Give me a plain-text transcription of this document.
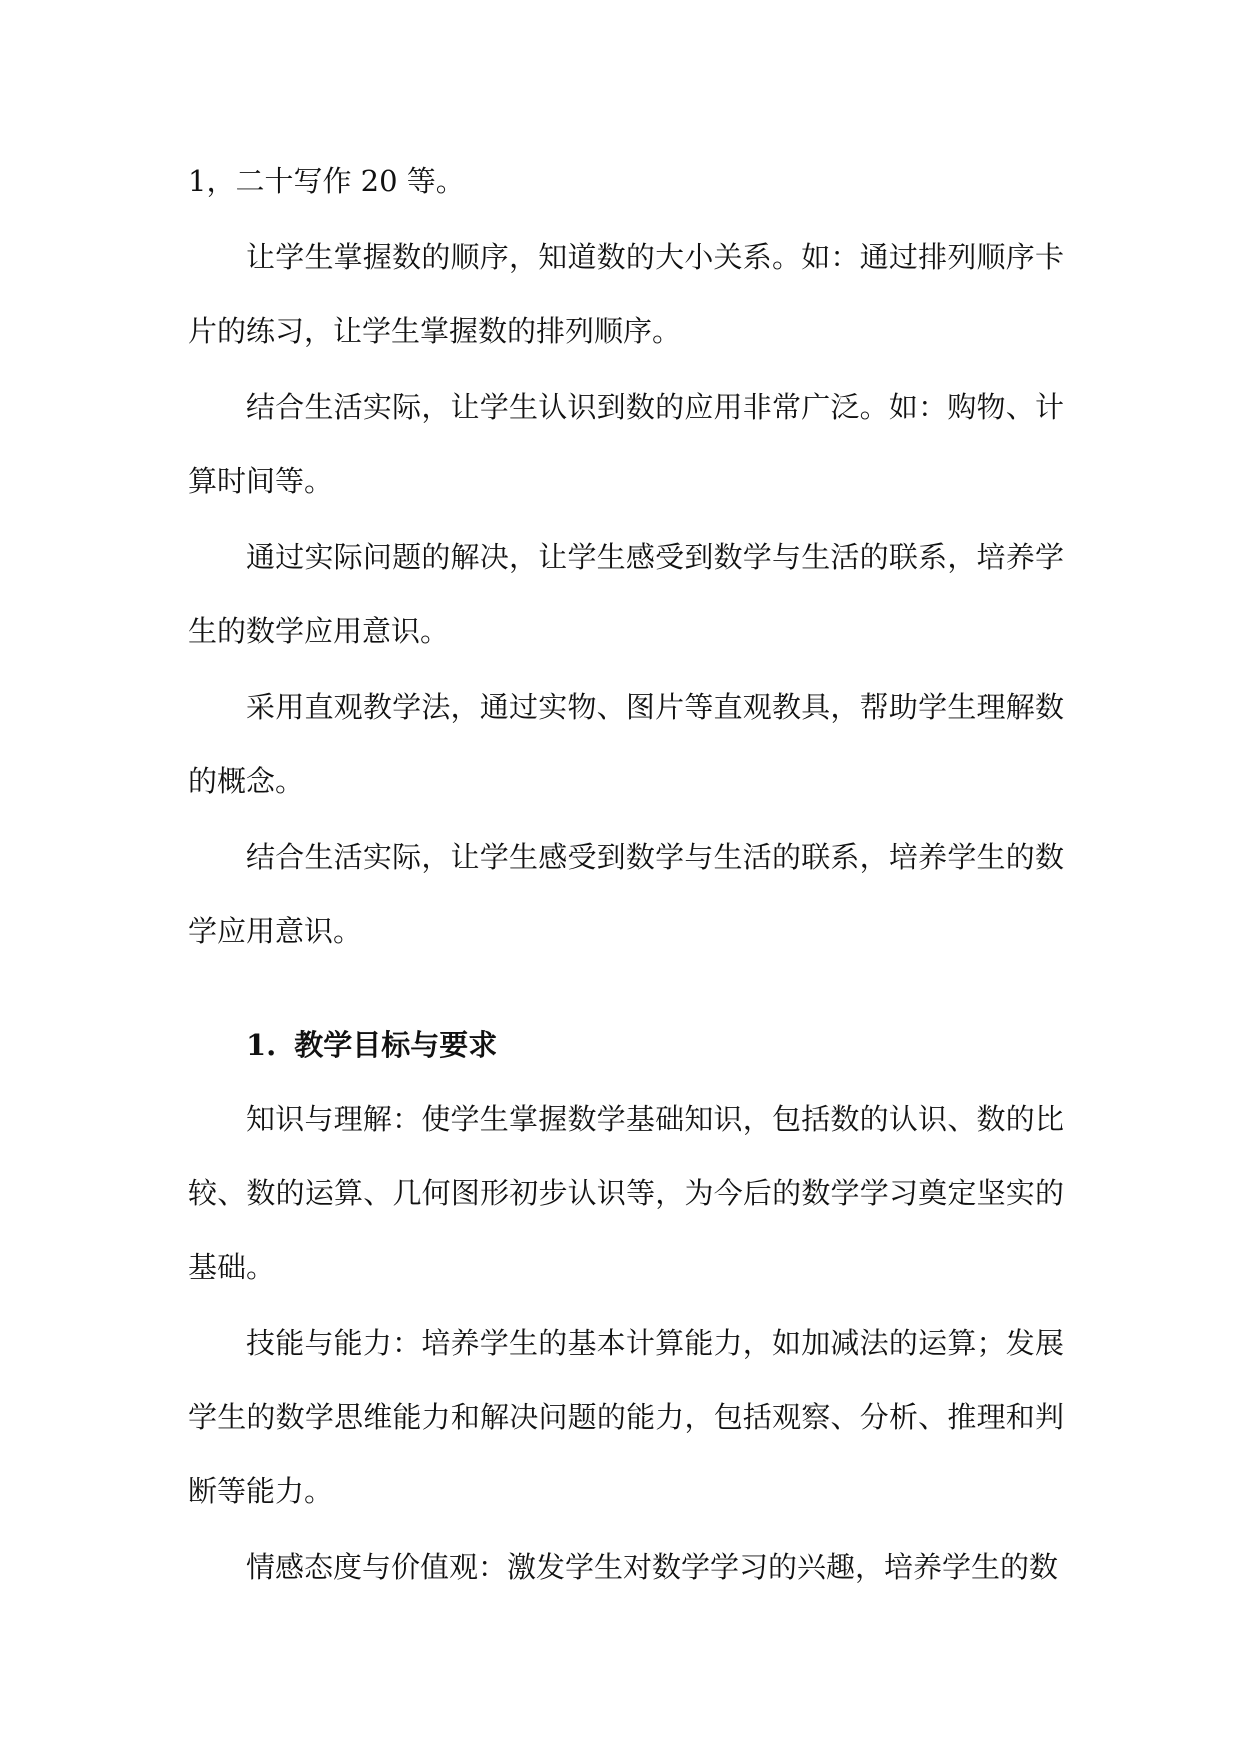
1，二十写作 20 等。

让学生掌握数的顺序，知道数的大小关系。如：通过排列顺序卡片的练习，让学生掌握数的排列顺序。

结合生活实际，让学生认识到数的应用非常广泛。如：购物、计算时间等。

通过实际问题的解决，让学生感受到数学与生活的联系，培养学生的数学应用意识。

采用直观教学法，通过实物、图片等直观教具，帮助学生理解数的概念。

结合生活实际，让学生感受到数学与生活的联系，培养学生的数学应用意识。

1. 教学目标与要求

知识与理解：使学生掌握数学基础知识，包括数的认识、数的比较、数的运算、几何图形初步认识等，为今后的数学学习奠定坚实的基础。

技能与能力：培养学生的基本计算能力，如加减法的运算；发展学生的数学思维能力和解决问题的能力，包括观察、分析、推理和判断等能力。

情感态度与价值观：激发学生对数学学习的兴趣，培养学生的数
